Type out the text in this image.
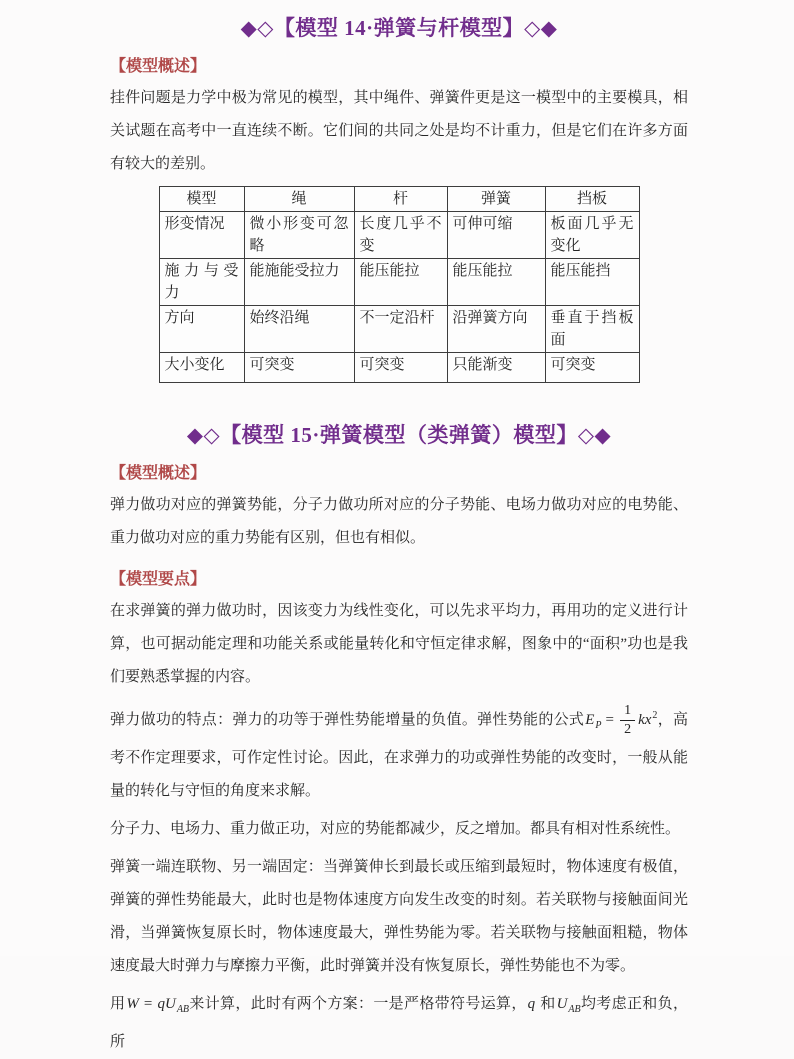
◆◇【模型 14·弹簧与杆模型】◇◆
【模型概述】

挂件问题是力学中极为常见的模型，其中绳件、弹簧件更是这一模型中的主要模具，相关试题在高考中一直连续不断。它们间的共同之处是均不计重力，但是它们在许多方面有较大的差别。

模型	绳	杆	弹簧	挡板
形变情况	微小形变可忽略	长度几乎不变	可伸可缩	板面几乎无变化
施力与受力	能施能受拉力	能压能拉	能压能拉	能压能挡
方向	始终沿绳	不一定沿杆	沿弹簧方向	垂直于挡板面
大小变化	可突变	可突变	只能渐变	可突变
◆◇【模型 15·弹簧模型（类弹簧）模型】◇◆
【模型概述】

弹力做功对应的弹簧势能，分子力做功所对应的分子势能、电场力做功对应的电势能、重力做功对应的重力势能有区别，但也有相似。

【模型要点】

在求弹簧的弹力做功时，因该变力为线性变化，可以先求平均力，再用功的定义进行计算，也可据动能定理和功能关系或能量转化和守恒定律求解，图象中的“面积”功也是我们要熟悉掌握的内容。

弹力做功的特点：弹力的功等于弹性势能增量的负值。弹性势能的公式$E_P = \frac{1}{2} kx^2$，高考不作定理要求，可作定性讨论。因此，在求弹力的功或弹性势能的改变时，一般从能量的转化与守恒的角度来求解。

分子力、电场力、重力做正功，对应的势能都减少，反之增加。都具有相对性系统性。

弹簧一端连联物、另一端固定：当弹簧伸长到最长或压缩到最短时，物体速度有极值，弹簧的弹性势能最大，此时也是物体速度方向发生改变的时刻。若关联物与接触面间光滑，当弹簧恢复原长时，物体速度最大，弹性势能为零。若关联物与接触面粗糙，物体速度最大时弹力与摩擦力平衡，此时弹簧并没有恢复原长，弹性势能也不为零。

用$W = qU_{AB}$来计算，此时有两个方案：一是严格带符号运算，q 和$U_{AB}$均考虑正和负，所
